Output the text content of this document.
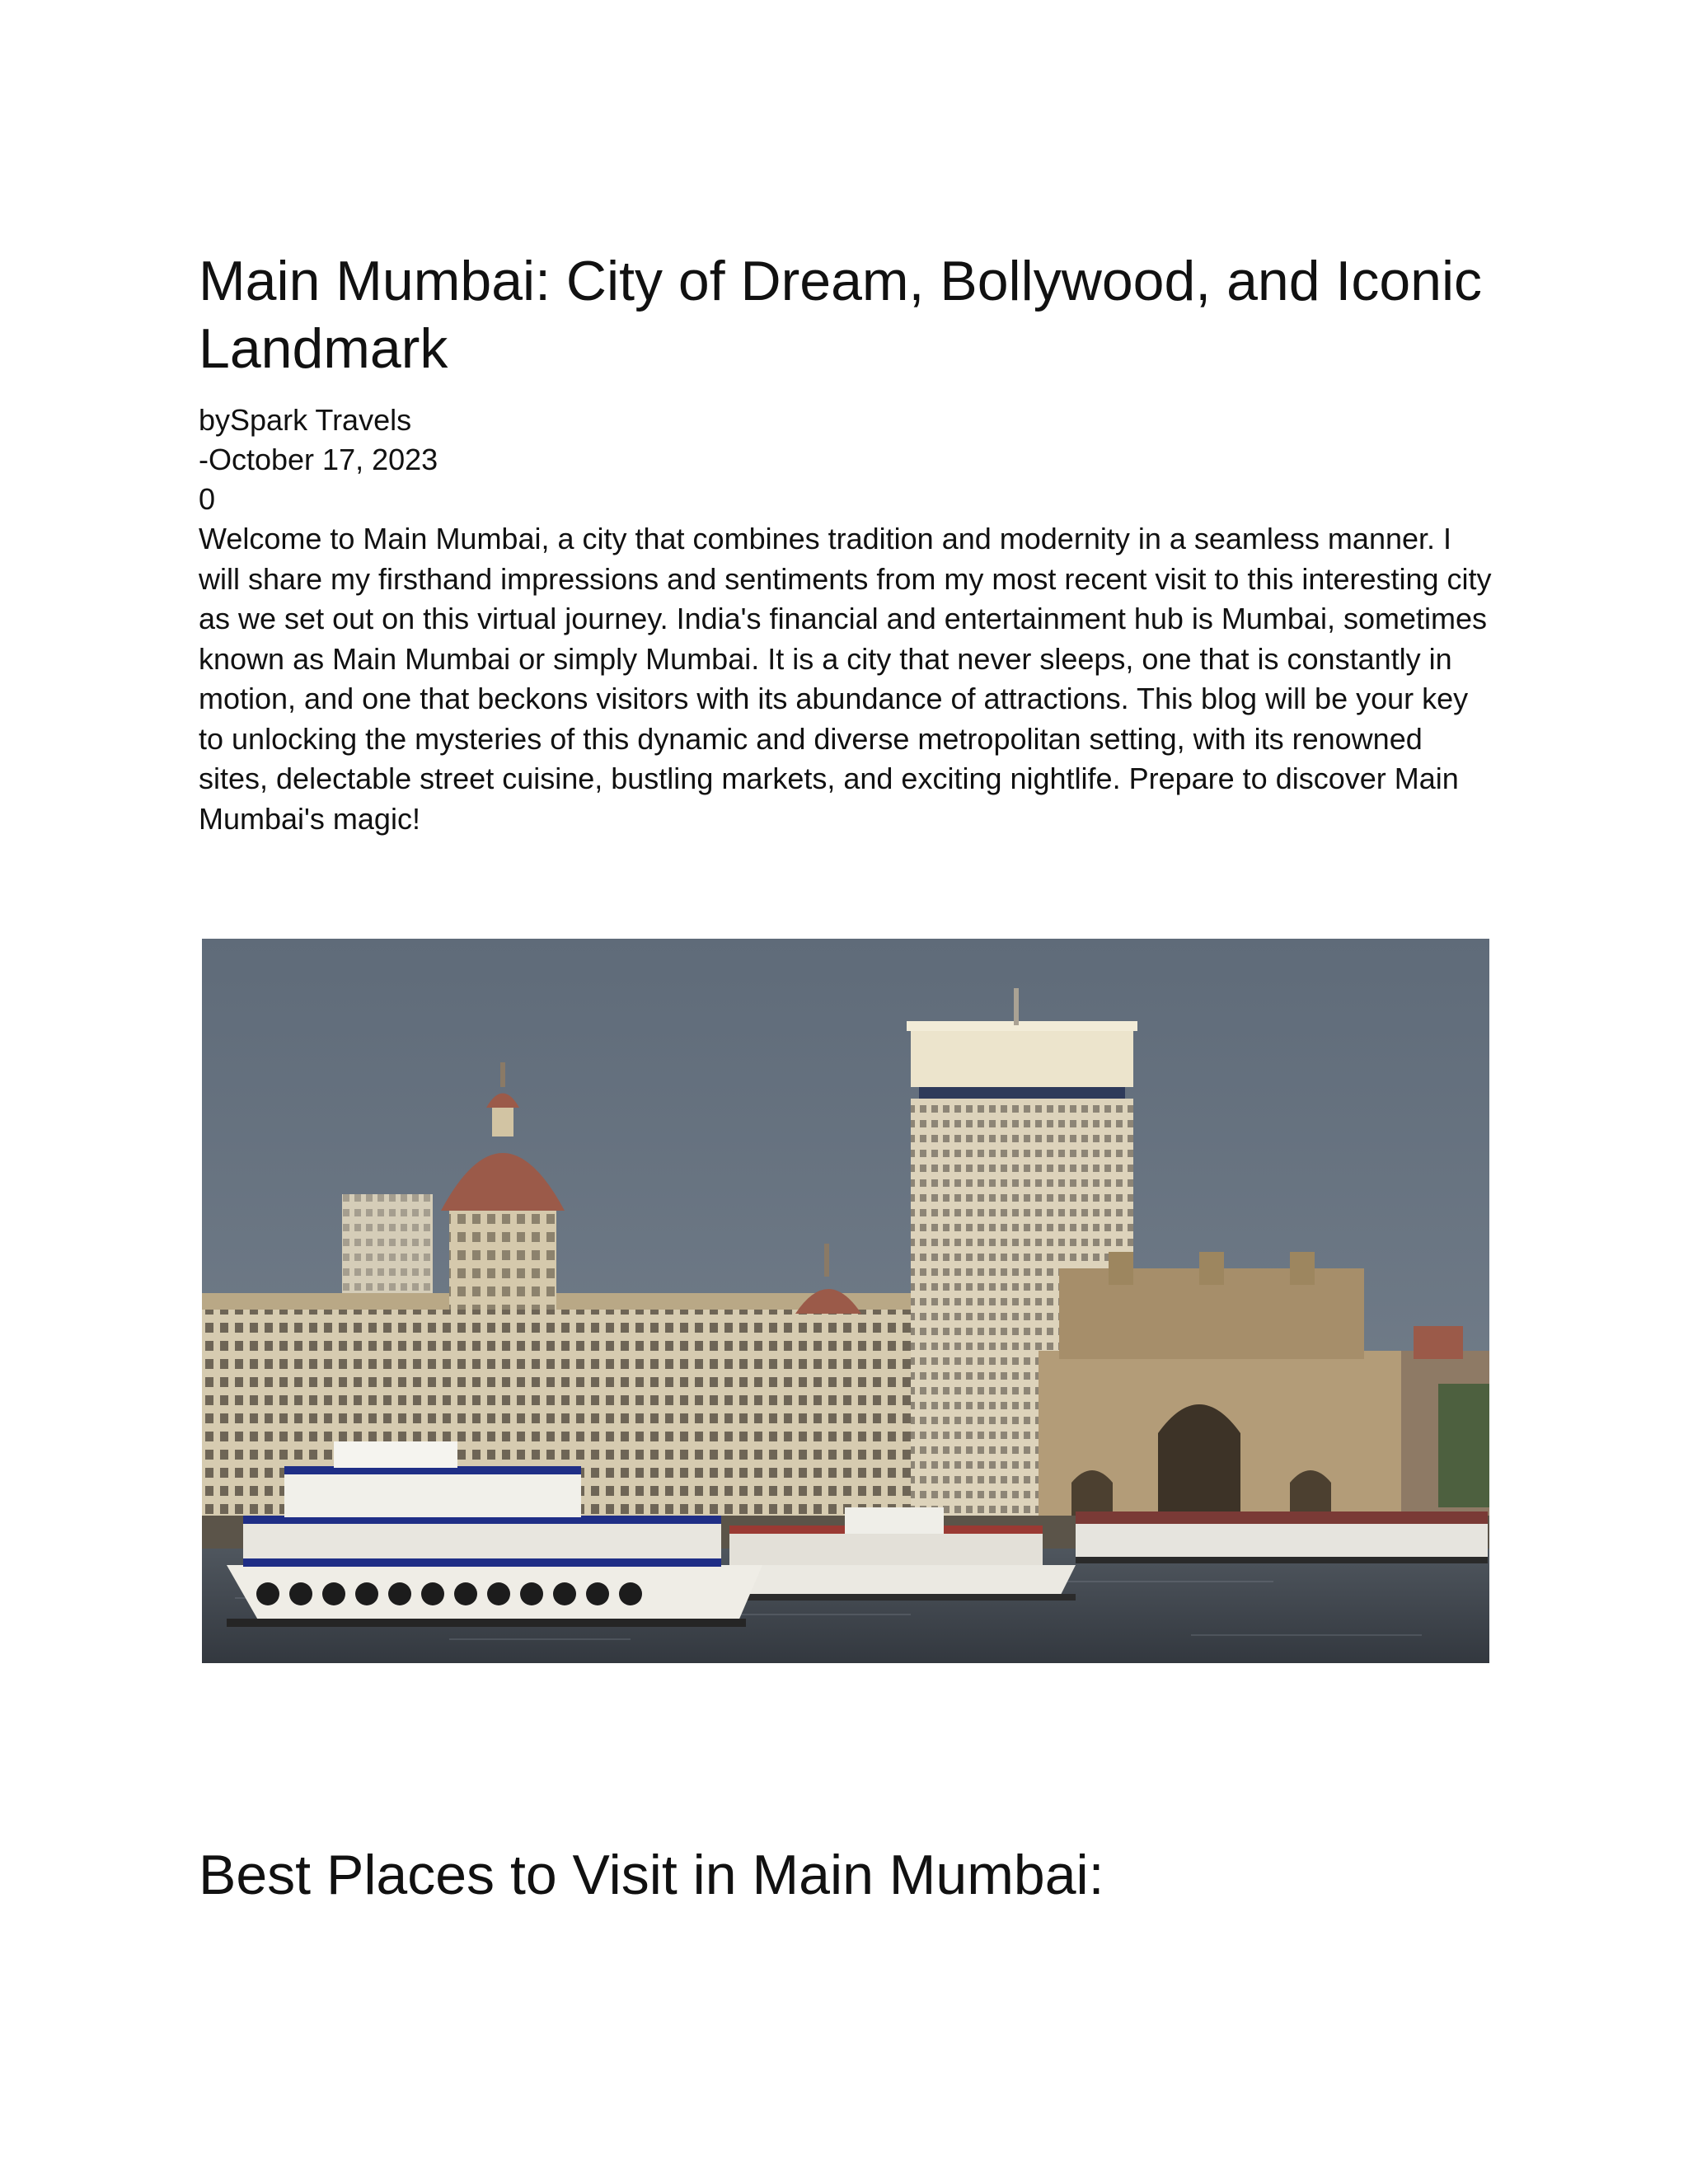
Main Mumbai: City of Dream, Bollywood, and Iconic Landmark
bySpark Travels
-October 17, 2023
0

Welcome to Main Mumbai, a city that combines tradition and modernity in a seamless manner. I will share my firsthand impressions and sentiments from my most recent visit to this interesting city as we set out on this virtual journey. India's financial and entertainment hub is Mumbai, sometimes known as Main Mumbai or simply Mumbai. It is a city that never sleeps, one that is constantly in motion, and one that beckons visitors with its abundance of attractions. This blog will be your key to unlocking the mysteries of this dynamic and diverse metropolitan setting, with its renowned sites, delectable street cuisine, bustling markets, and exciting nightlife. Prepare to discover Main Mumbai's magic!

Best Places to Visit in Main Mumbai:
